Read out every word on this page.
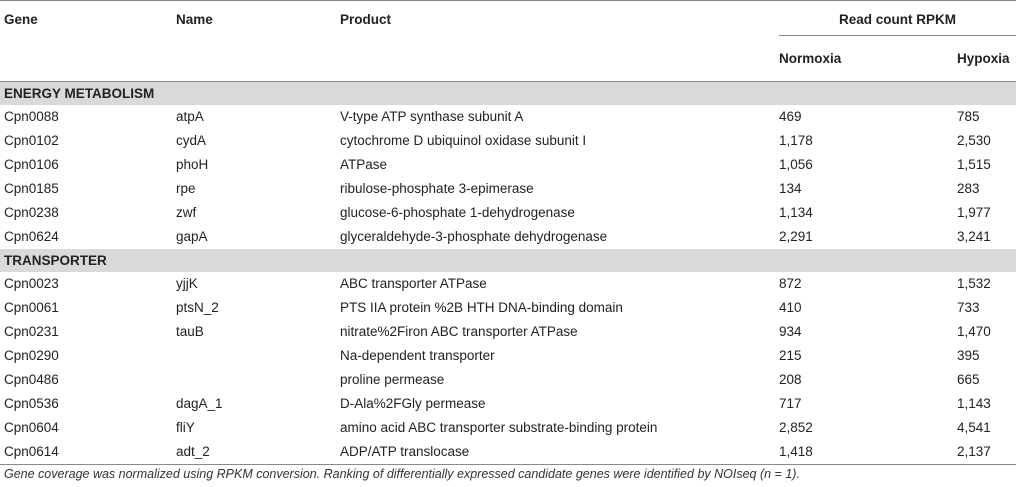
Gene	Name	Product	Read count RPKM	
			Normoxia	Hypoxia
ENERGY METABOLISM				
Cpn0088	atpA	V-type ATP synthase subunit A	469	785
Cpn0102	cydA	cytochrome D ubiquinol oxidase subunit I	1,178	2,530
Cpn0106	phoH	ATPase	1,056	1,515
Cpn0185	rpe	ribulose-phosphate 3-epimerase	134	283
Cpn0238	zwf	glucose-6-phosphate 1-dehydrogenase	1,134	1,977
Cpn0624	gapA	glyceraldehyde-3-phosphate dehydrogenase	2,291	3,241
TRANSPORTER				
Cpn0023	yjjK	ABC transporter ATPase	872	1,532
Cpn0061	ptsN_2	PTS IIA protein %2B HTH DNA-binding domain	410	733
Cpn0231	tauB	nitrate%2Firon ABC transporter ATPase	934	1,470
Cpn0290		Na-dependent transporter	215	395
Cpn0486		proline permease	208	665
Cpn0536	dagA_1	D-Ala%2FGly permease	717	1,143
Cpn0604	fliY	amino acid ABC transporter substrate-binding protein	2,852	4,541
Cpn0614	adt_2	ADP/ATP translocase	1,418	2,137
Gene coverage was normalized using RPKM conversion. Ranking of differentially expressed candidate genes were identified by NOIseq (n = 1).
